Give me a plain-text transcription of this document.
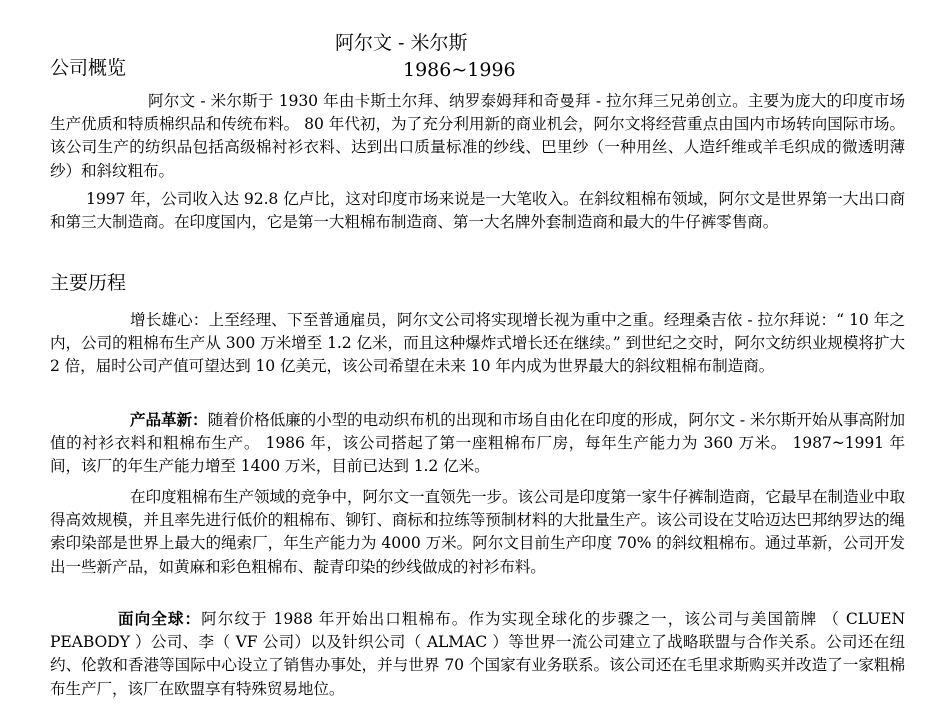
阿尔文 - 米尔斯
1986~1996
公司概览

阿尔文 - 米尔斯于 1930 年由卡斯土尔拜、纳罗泰姆拜和奇曼拜 - 拉尔拜三兄弟创立。主要为庞大的印度市场生产优质和特质棉织品和传统布料。 80 年代初，为了充分利用新的商业机会，阿尔文将经营重点由国内市场转向国际市场。该公司生产的纺织品包括高级棉衬衫衣料、达到出口质量标准的纱线、巴里纱（一种用丝、人造纤维或羊毛织成的微透明薄纱）和斜纹粗布。

1997 年，公司收入达 92.8 亿卢比，这对印度市场来说是一大笔收入。在斜纹粗棉布领域，阿尔文是世界第一大出口商和第三大制造商。在印度国内，它是第一大粗棉布制造商、第一大名牌外套制造商和最大的牛仔裤零售商。

主要历程

增长雄心：上至经理、下至普通雇员，阿尔文公司将实现增长视为重中之重。经理桑吉依 - 拉尔拜说：“ 10 年之内，公司的粗棉布生产从 300 万米增至 1.2 亿米，而且这种爆炸式增长还在继续。” 到世纪之交时，阿尔文纺织业规模将扩大 2 倍，届时公司产值可望达到 10 亿美元，该公司希望在未来 10 年内成为世界最大的斜纹粗棉布制造商。

产品革新：随着价格低廉的小型的电动织布机的出现和市场自由化在印度的形成，阿尔文 - 米尔斯开始从事高附加值的衬衫衣料和粗棉布生产。 1986 年，该公司搭起了第一座粗棉布厂房，每年生产能力为 360 万米。 1987~1991 年间，该厂的年生产能力增至 1400 万米，目前已达到 1.2 亿米。

在印度粗棉布生产领域的竞争中，阿尔文一直领先一步。该公司是印度第一家牛仔裤制造商，它最早在制造业中取得高效规模，并且率先进行低价的粗棉布、铆钉、商标和拉练等预制材料的大批量生产。该公司设在艾哈迈达巴邦纳罗达的绳索印染部是世界上最大的绳索厂，年生产能力为 4000 万米。阿尔文目前生产印度 70% 的斜纹粗棉布。通过革新，公司开发出一些新产品，如黄麻和彩色粗棉布、靛青印染的纱线做成的衬衫布料。

面向全球：阿尔纹于 1988 年开始出口粗棉布。作为实现全球化的步骤之一，该公司与美国箭牌 （ CLUEN PEABODY ）公司、李（ VF 公司）以及针织公司（ ALMAC ）等世界一流公司建立了战略联盟与合作关系。公司还在纽约、伦敦和香港等国际中心设立了销售办事处，并与世界 70 个国家有业务联系。该公司还在毛里求斯购买并改造了一家粗棉布生产厂，该厂在欧盟享有特殊贸易地位。
